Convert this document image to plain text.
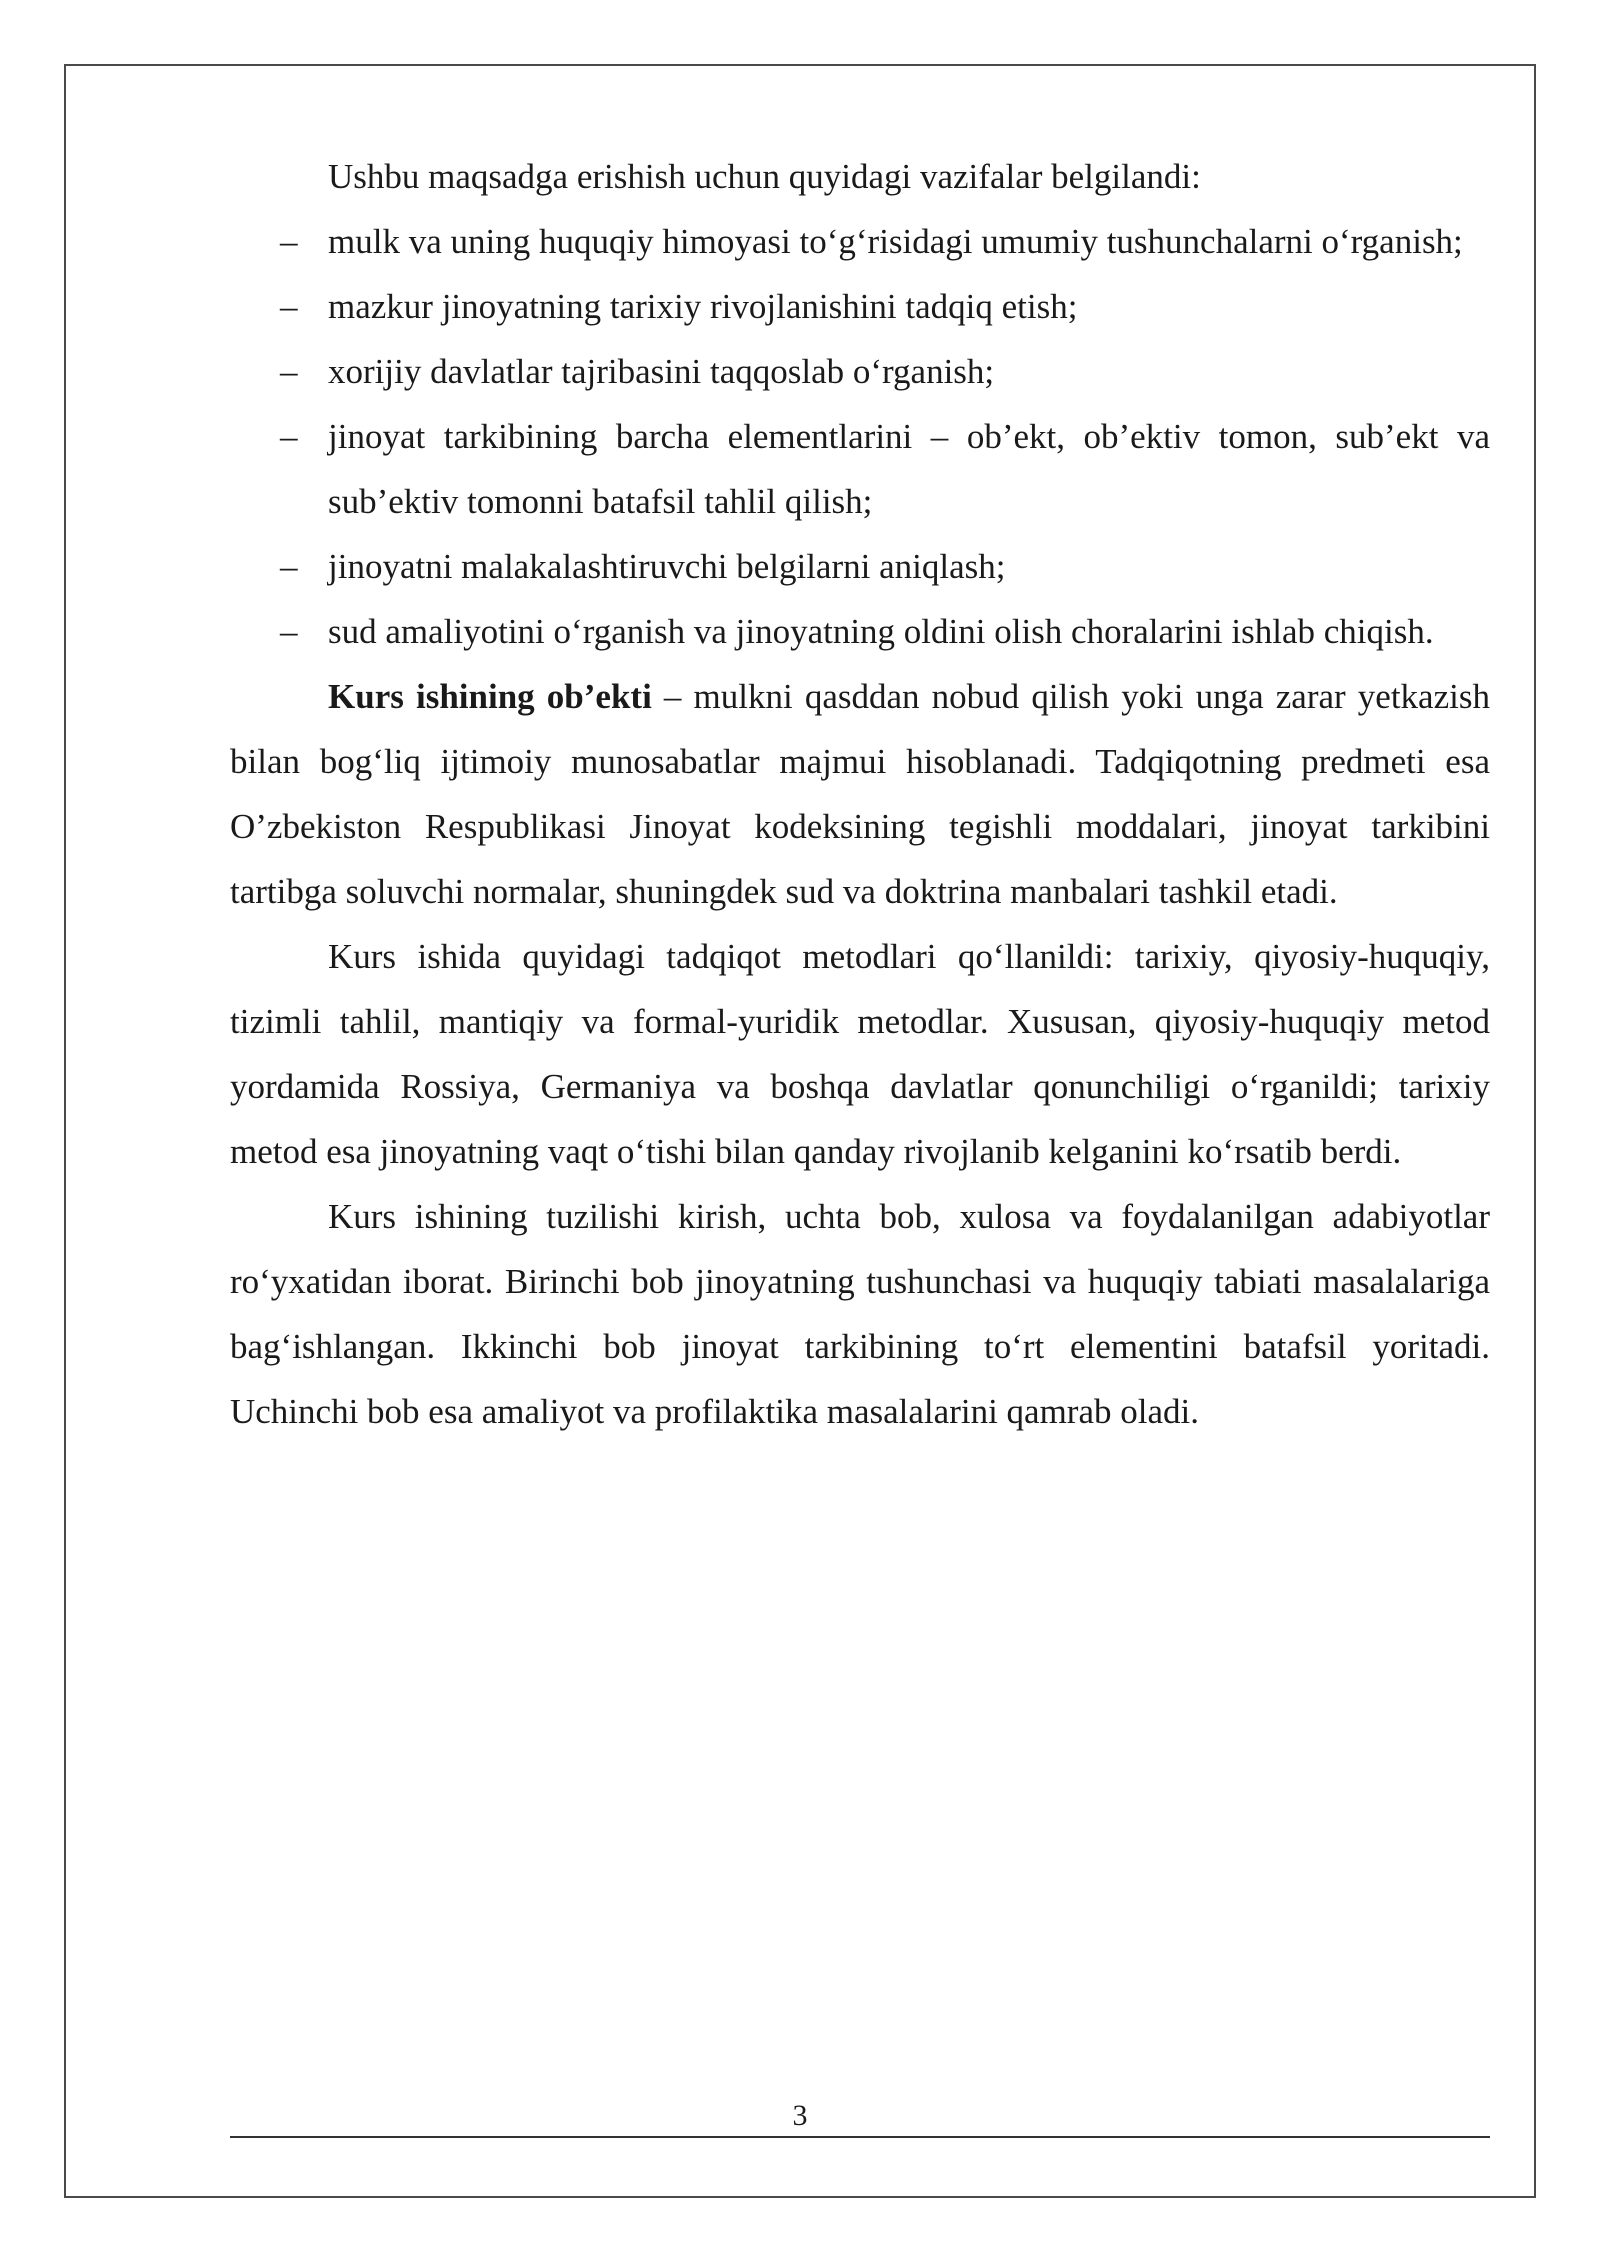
Ushbu maqsadga erishish uchun quyidagi vazifalar belgilandi:

– mulk va uning huquqiy himoyasi to‘g‘risidagi umumiy tushunchalarni o‘rganish;
– mazkur jinoyatning tarixiy rivojlanishini tadqiq etish;
– xorijiy davlatlar tajribasini taqqoslab o‘rganish;
– jinoyat tarkibining barcha elementlarini – ob’ekt, ob’ektiv tomon, sub’ekt va sub’ektiv tomonni batafsil tahlil qilish;
– jinoyatni malakalashtiruvchi belgilarni aniqlash;
– sud amaliyotini o‘rganish va jinoyatning oldini olish choralarini ishlab chiqish.

Kurs ishining ob’ekti – mulkni qasddan nobud qilish yoki unga zarar yetkazish bilan bog‘liq ijtimoiy munosabatlar majmui hisoblanadi. Tadqiqotning predmeti esa O’zbekiston Respublikasi Jinoyat kodeksining tegishli moddalari, jinoyat tarkibini tartibga soluvchi normalar, shuningdek sud va doktrina manbalari tashkil etadi.

Kurs ishida quyidagi tadqiqot metodlari qo‘llanildi: tarixiy, qiyosiy-huquqiy, tizimli tahlil, mantiqiy va formal-yuridik metodlar. Xususan, qiyosiy-huquqiy metod yordamida Rossiya, Germaniya va boshqa davlatlar qonunchiligi o‘rganildi; tarixiy metod esa jinoyatning vaqt o‘tishi bilan qanday rivojlanib kelganini ko‘rsatib berdi.

Kurs ishining tuzilishi kirish, uchta bob, xulosa va foydalanilgan adabiyotlar ro‘yxatidan iborat. Birinchi bob jinoyatning tushunchasi va huquqiy tabiati masalalariga bag‘ishlangan. Ikkinchi bob jinoyat tarkibining to‘rt elementini batafsil yoritadi. Uchinchi bob esa amaliyot va profilaktika masalalarini qamrab oladi.

3
